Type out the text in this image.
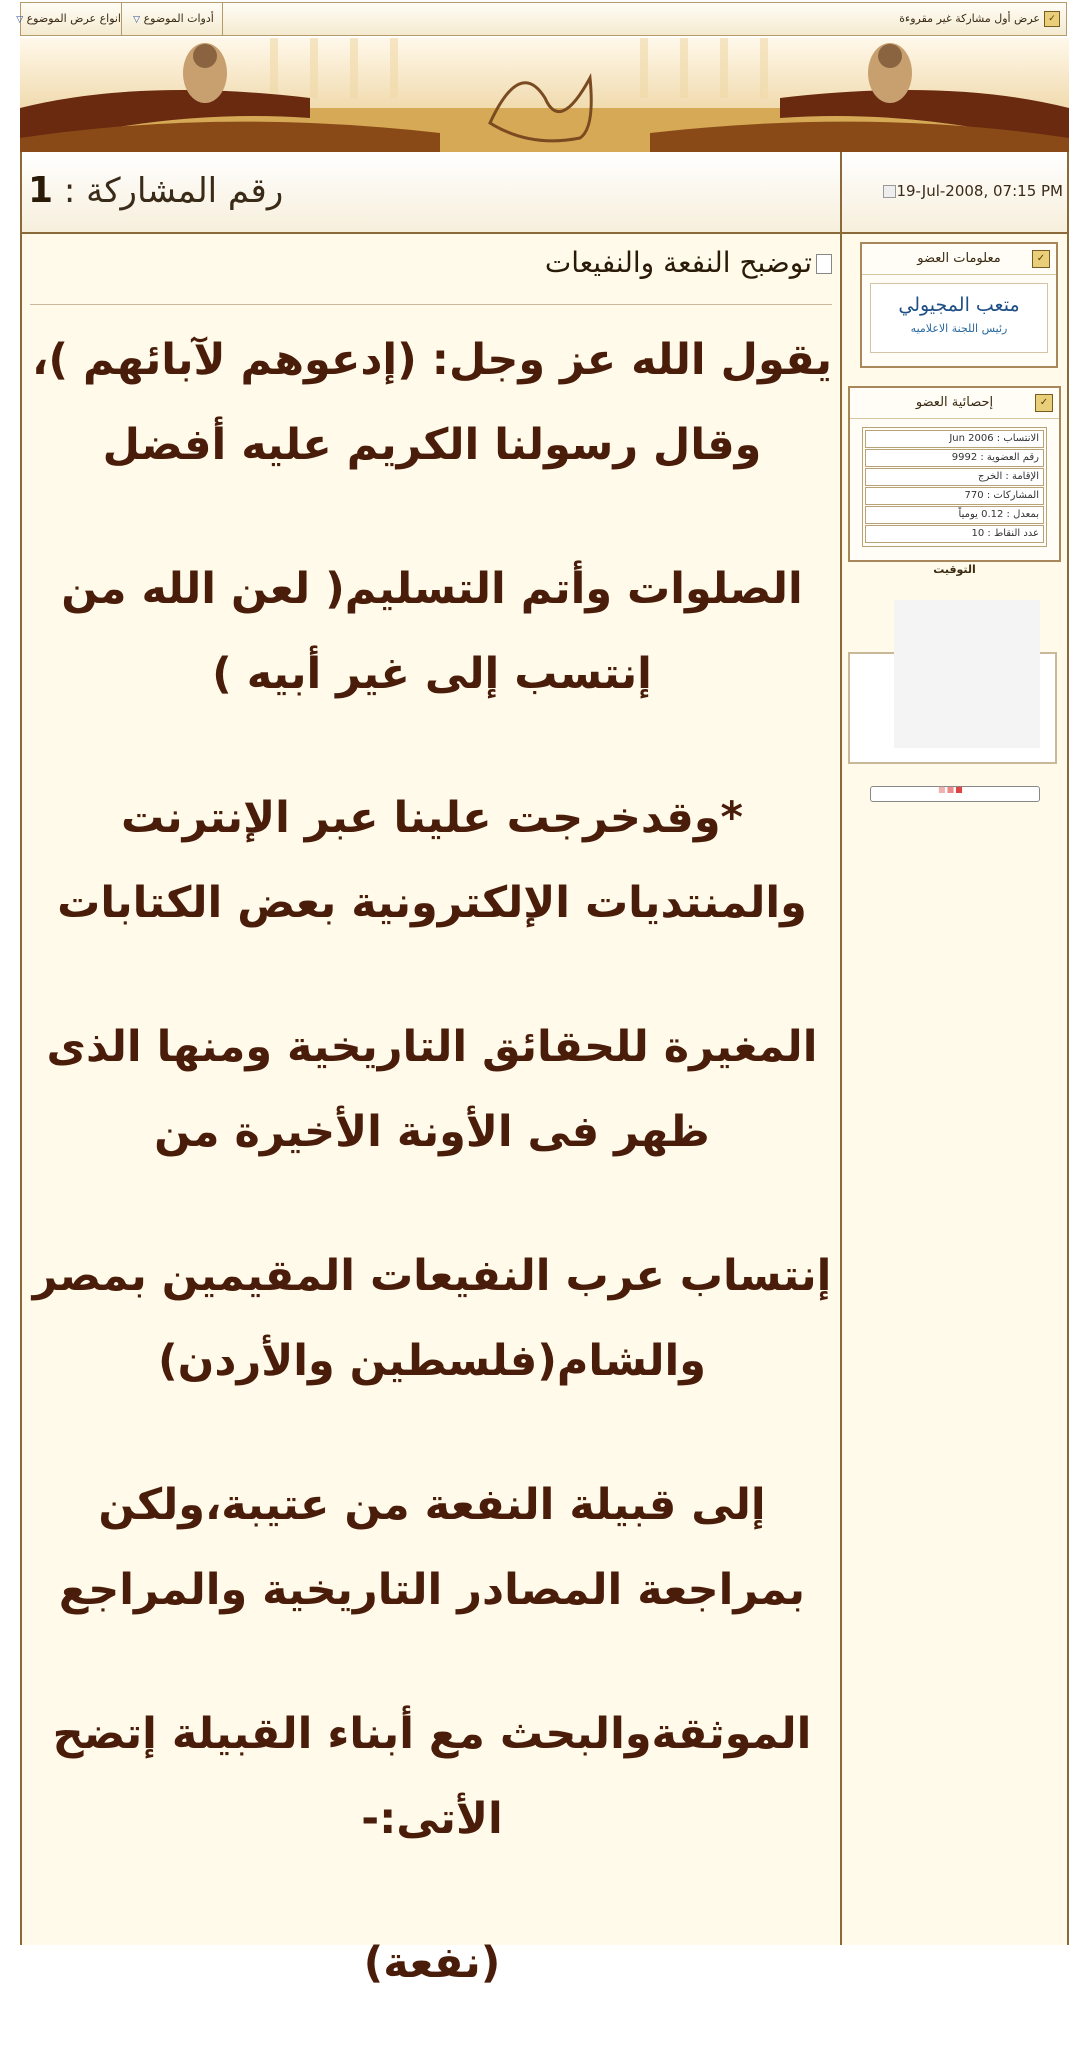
✓عرض أول مشاركة غير مقروءة
أدوات الموضوع ▽
انواع عرض الموضوع ▽
رقم المشاركة : 1	19-Jul-2008, 07:15 PM
توضبح النفعة والنفيعات

يقول الله عز وجل: (إدعوهم لآبائهم )، وقال رسولنا الكريم عليه أفضل

الصلوات وأتم التسليم( لعن الله من إنتسب إلى غير أبيه )

*وقدخرجت علينا عبر الإنترنت والمنتديات الإلكترونية بعض الكتابات

المغيرة للحقائق التاريخية ومنها الذى ظهر فى الأونة الأخيرة من

إنتساب عرب النفيعات المقيمين بمصر والشام(فلسطين والأردن)

إلى قبيلة النفعة من عتيبة،ولكن بمراجعة المصادر التاريخية والمراجع

الموثقةوالبحث مع أبناء القبيلة إتضح الأتى:-

(نفعة)

✓
معلومات العضو
متعب المجيولي
رئيس اللجنة الاعلاميه
✓
إحصائية العضو
الانتساب : Jun 2006
رقم العضوية : 9992
الإقامة : الخرج
المشاركات : 770
بمعدل : 0.12 يومياً
عدد النقاط : 10
التوقيت
■■■
